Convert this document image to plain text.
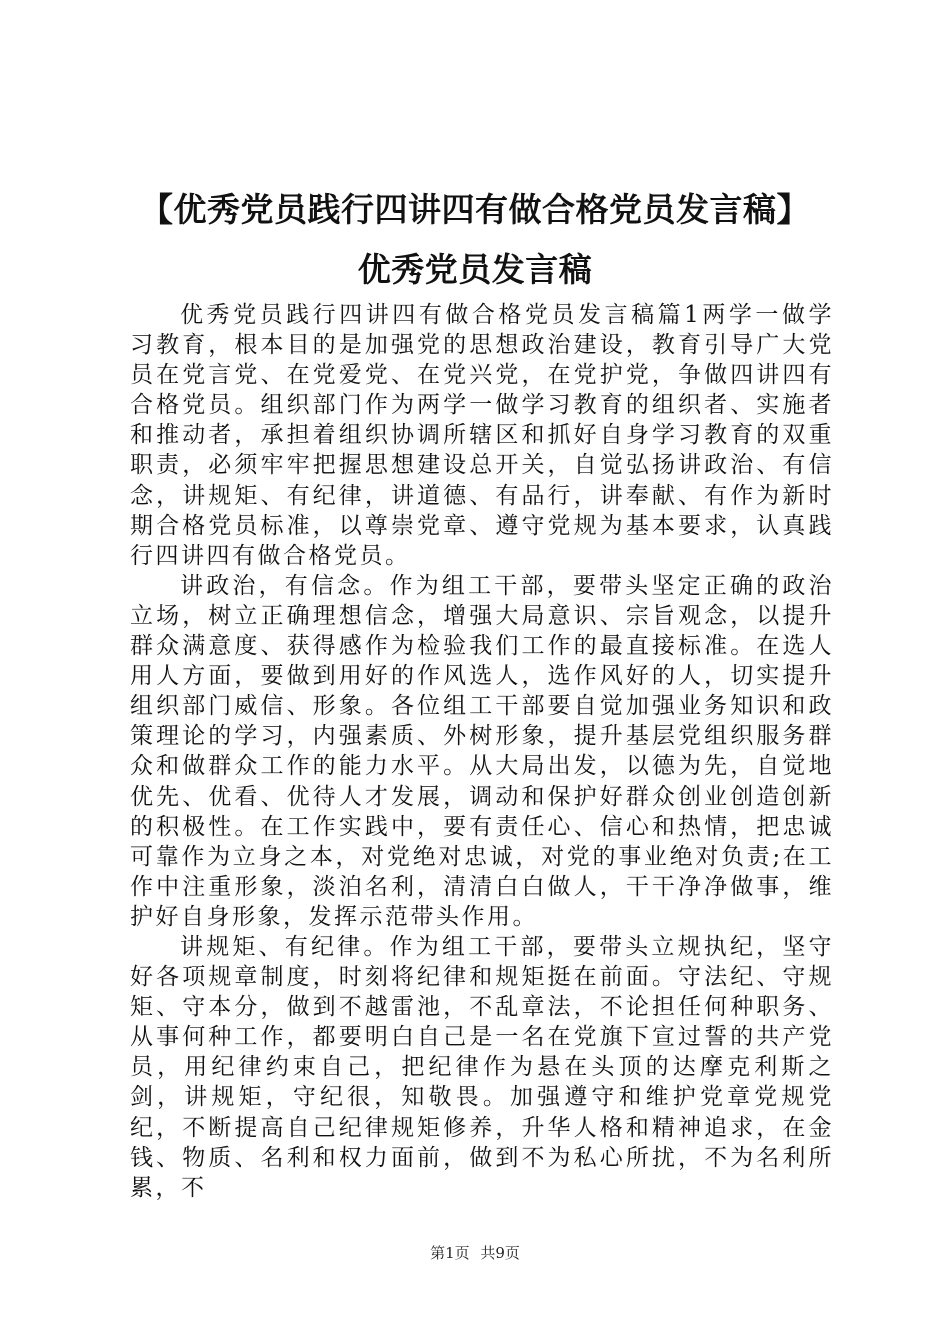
【优秀党员践行四讲四有做合格党员发言稿】
优秀党员发言稿

优秀党员践行四讲四有做合格党员发言稿篇1两学一做学习教育，根本目的是加强党的思想政治建设，教育引导广大党员在党言党、在党爱党、在党兴党，在党护党，争做四讲四有合格党员。组织部门作为两学一做学习教育的组织者、实施者和推动者，承担着组织协调所辖区和抓好自身学习教育的双重职责，必须牢牢把握思想建设总开关，自觉弘扬讲政治、有信念，讲规矩、有纪律，讲道德、有品行，讲奉献、有作为新时期合格党员标准，以尊崇党章、遵守党规为基本要求，认真践行四讲四有做合格党员。

讲政治，有信念。作为组工干部，要带头坚定正确的政治立场，树立正确理想信念，增强大局意识、宗旨观念，以提升群众满意度、获得感作为检验我们工作的最直接标准。在选人用人方面，要做到用好的作风选人，选作风好的人，切实提升组织部门威信、形象。各位组工干部要自觉加强业务知识和政策理论的学习，内强素质、外树形象，提升基层党组织服务群众和做群众工作的能力水平。从大局出发，以德为先，自觉地优先、优看、优待人才发展，调动和保护好群众创业创造创新的积极性。在工作实践中，要有责任心、信心和热情，把忠诚可靠作为立身之本，对党绝对忠诚，对党的事业绝对负责;在工作中注重形象，淡泊名利，清清白白做人，干干净净做事，维护好自身形象，发挥示范带头作用。

讲规矩、有纪律。作为组工干部，要带头立规执纪，坚守好各项规章制度，时刻将纪律和规矩挺在前面。守法纪、守规矩、守本分，做到不越雷池，不乱章法，不论担任何种职务、从事何种工作，都要明白自己是一名在党旗下宣过誓的共产党员，用纪律约束自己，把纪律作为悬在头顶的达摩克利斯之剑，讲规矩，守纪很，知敬畏。加强遵守和维护党章党规党纪，不断提高自己纪律规矩修养，升华人格和精神追求，在金钱、物质、名利和权力面前，做到不为私心所扰，不为名利所累，不

第1页 共9页
